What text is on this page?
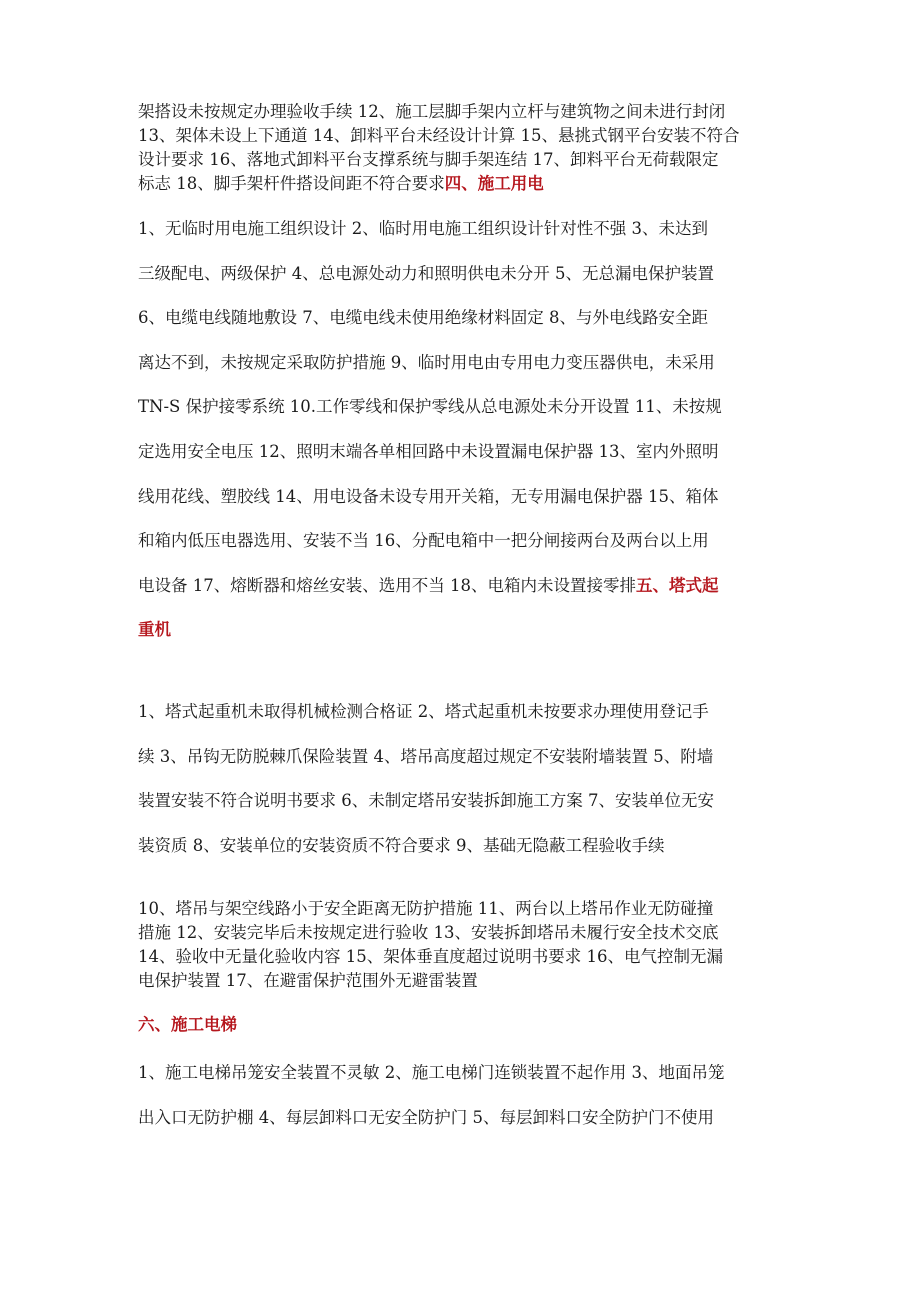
架搭设未按规定办理验收手续 12、施工层脚手架内立杆与建筑物之间未进行封闭
13、架体未设上下通道 14、卸料平台未经设计计算 15、悬挑式钢平台安装不符合
设计要求 16、落地式卸料平台支撑系统与脚手架连结 17、卸料平台无荷载限定
标志 18、脚手架杆件搭设间距不符合要求四、施工用电
1、无临时用电施工组织设计 2、临时用电施工组织设计针对性不强 3、未达到
三级配电、两级保护 4、总电源处动力和照明供电未分开 5、无总漏电保护装置
6、电缆电线随地敷设 7、电缆电线未使用绝缘材料固定 8、与外电线路安全距
离达不到，未按规定采取防护措施 9、临时用电由专用电力变压器供电，未采用
TN-S 保护接零系统 10.工作零线和保护零线从总电源处未分开设置 11、未按规
定选用安全电压 12、照明末端各单相回路中未设置漏电保护器 13、室内外照明
线用花线、塑胶线 14、用电设备未设专用开关箱，无专用漏电保护器 15、箱体
和箱内低压电器选用、安装不当 16、分配电箱中一把分闸接两台及两台以上用
电设备 17、熔断器和熔丝安装、选用不当 18、电箱内未设置接零排五、塔式起
重机
1、塔式起重机未取得机械检测合格证 2、塔式起重机未按要求办理使用登记手
续 3、吊钩无防脱棘爪保险装置 4、塔吊高度超过规定不安装附墙装置 5、附墙
装置安装不符合说明书要求 6、未制定塔吊安装拆卸施工方案 7、安装单位无安
装资质 8、安装单位的安装资质不符合要求 9、基础无隐蔽工程验收手续
10、塔吊与架空线路小于安全距离无防护措施 11、两台以上塔吊作业无防碰撞
措施 12、安装完毕后未按规定进行验收 13、安装拆卸塔吊未履行安全技术交底
14、验收中无量化验收内容 15、架体垂直度超过说明书要求 16、电气控制无漏
电保护装置 17、在避雷保护范围外无避雷装置
六、施工电梯
1、施工电梯吊笼安全装置不灵敏 2、施工电梯门连锁装置不起作用 3、地面吊笼
出入口无防护棚 4、每层卸料口无安全防护门 5、每层卸料口安全防护门不使用
